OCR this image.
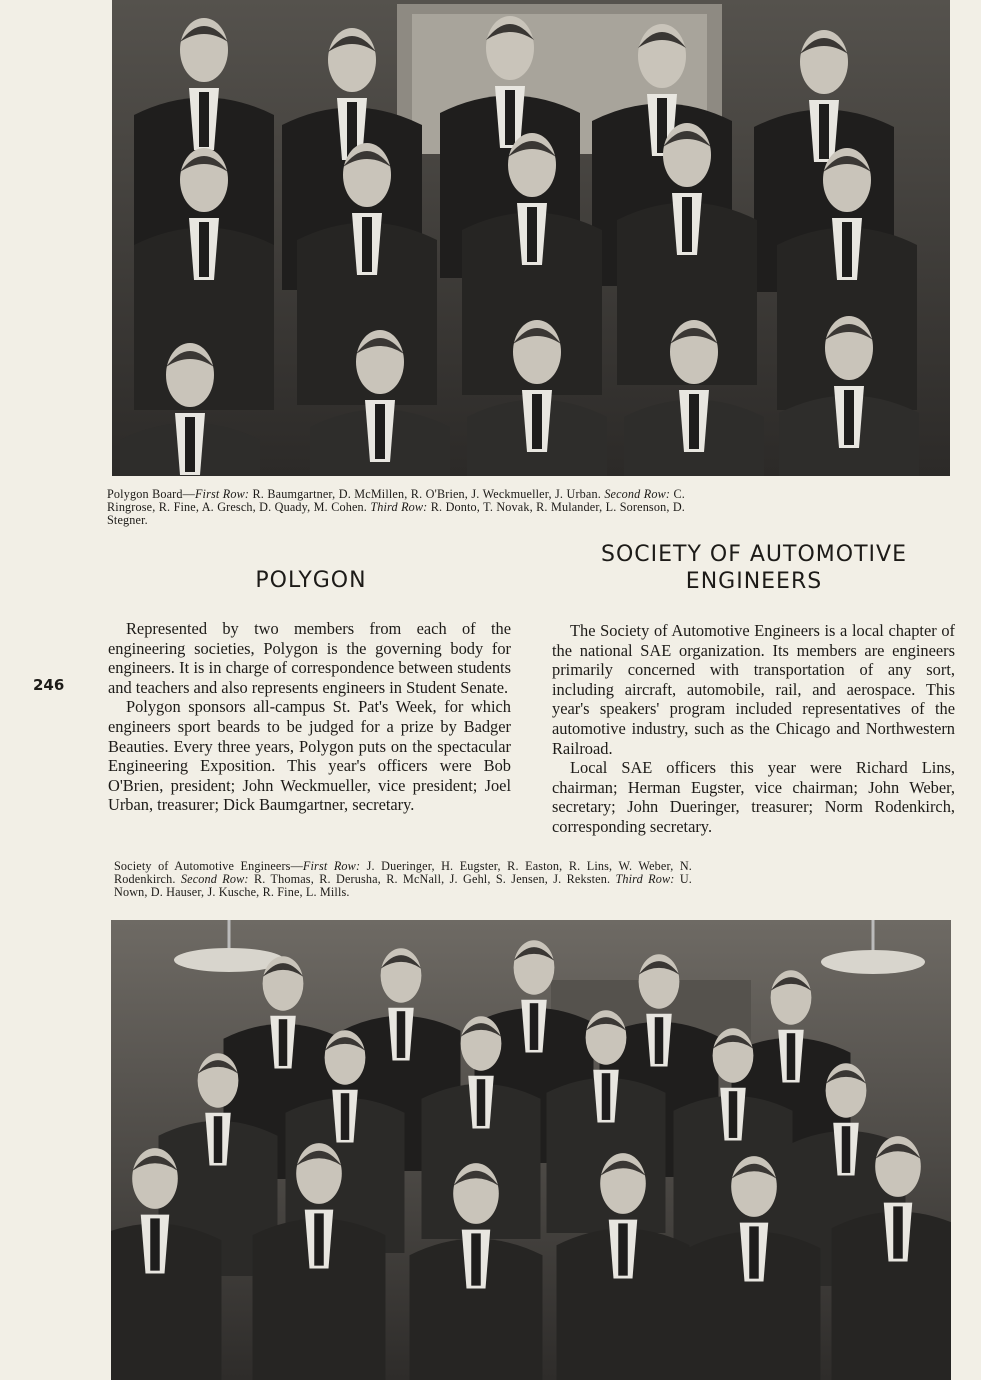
Polygon Board—First Row: R. Baumgartner, D. McMillen, R. O'Brien, J. Weckmueller, J. Urban. Second Row: C. Ringrose, R. Fine, A. Gresch, D. Quady, M. Cohen. Third Row: R. Donto, T. Novak, R. Mulander, L. Sorenson, D. Stegner.
POLYGON
SOCIETY OF AUTOMOTIVE
ENGINEERS
246

Represented by two members from each of the engineering societies, Polygon is the governing body for engineers. It is in charge of correspondence between students and teachers and also represents engineers in Student Senate.

Polygon sponsors all-campus St. Pat's Week, for which engineers sport beards to be judged for a prize by Badger Beauties. Every three years, Polygon puts on the spectacular Engineering Exposition. This year's officers were Bob O'Brien, president; John Weckmueller, vice president; Joel Urban, treasurer; Dick Baumgartner, secretary.

The Society of Automotive Engineers is a local chapter of the national SAE organization. Its members are engineers primarily concerned with transportation of any sort, including aircraft, automobile, rail, and aerospace. This year's speakers' program included representatives of the automotive industry, such as the Chicago and Northwestern Railroad.

Local SAE officers this year were Richard Lins, chairman; Herman Eugster, vice chairman; John Weber, secretary; John Dueringer, treasurer; Norm Rodenkirch, corresponding secretary.

Society of Automotive Engineers—First Row: J. Dueringer, H. Eugster, R. Easton, R. Lins, W. Weber, N. Rodenkirch. Second Row: R. Thomas, R. Derusha, R. McNall, J. Gehl, S. Jensen, J. Reksten. Third Row: U. Nown, D. Hauser, J. Kusche, R. Fine, L. Mills.
